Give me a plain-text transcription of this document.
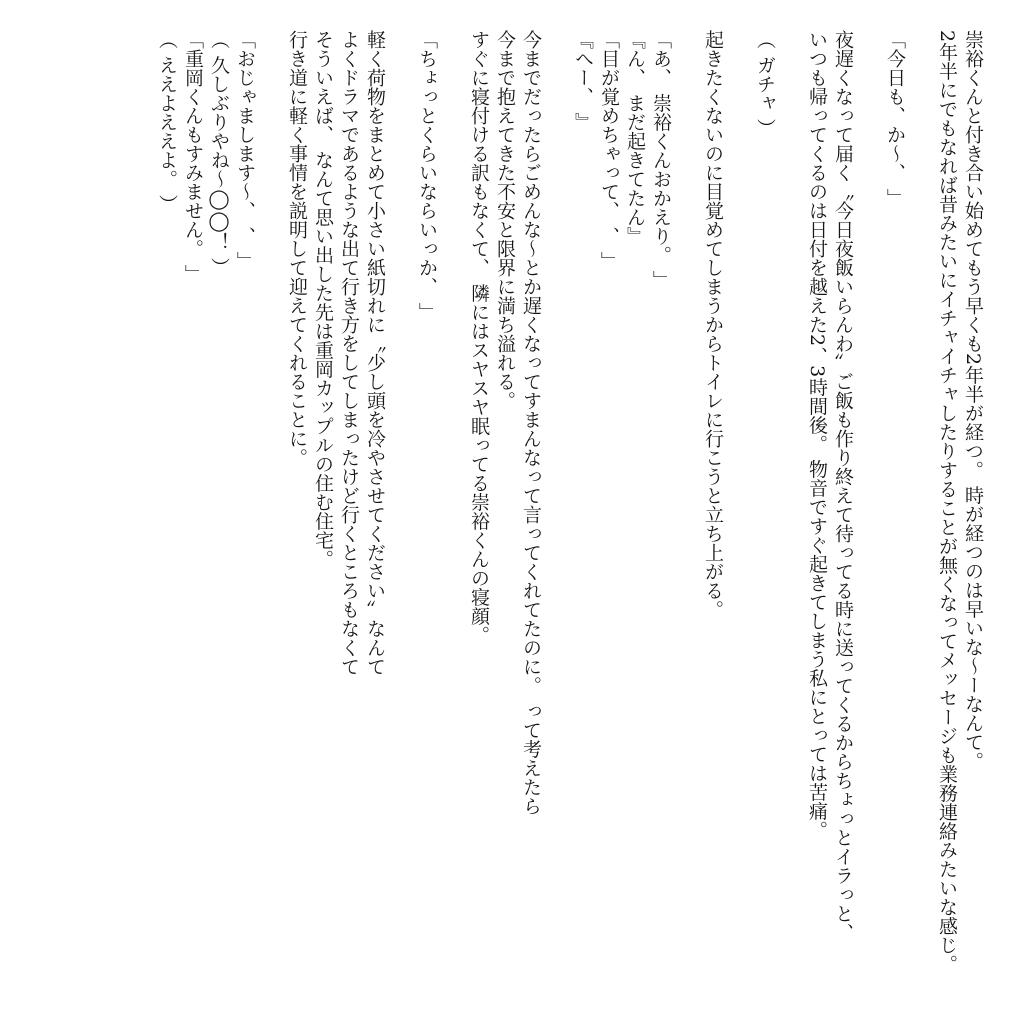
崇裕くんと付き合い始めてもう早くも2年半が経つ。 時が経つのは早いな〜ーなんて。
2年半にでもなれば昔みたいにイチャイチャしたりすることが無くなってメッセージも業務連絡みたいな感じ。
「今日も、か〜、 」
夜遅くなって届く〝今日夜飯いらんわ〟ご飯も作り終えて待ってる時に送ってくるからちょっとイラっと、
いつも帰ってくるのは日付を越えた2、3時間後。 物音ですぐ起きてしまう私にとっては苦痛。
（ ガチャ ）
起きたくないのに目覚めてしまうからトイレに行こうと立ち上がる。
「あ、 崇裕くんおかえり。 」
『ん、 まだ起きてたん』
「目が覚めちゃって、 、 」
『へー、 』
今までだったらごめんな〜とか遅くなってすまんなって言ってくれてたのに。 って考えたら
今まで抱えてきた不安と限界に満ち溢れる。
すぐに寝付ける訳もなくて、 隣にはスヤスヤ眠ってる崇裕くんの寝顔。
「ちょっとくらいならいっか、 」
軽く荷物をまとめて小さい紙切れに〝少し頭を冷やさせてください〟なんて
よくドラマであるような出て行き方をしてしまったけど行くところもなくて
そういえば、 なんて思い出した先は重岡カップルの住む住宅。
行き道に軽く事情を説明して迎えてくれることに。
「おじゃまします〜、 、 」
（ 久しぶりやね〜◯◯！ ）
「重岡くんもすみません。 」
（ ええよええよ。 ）
